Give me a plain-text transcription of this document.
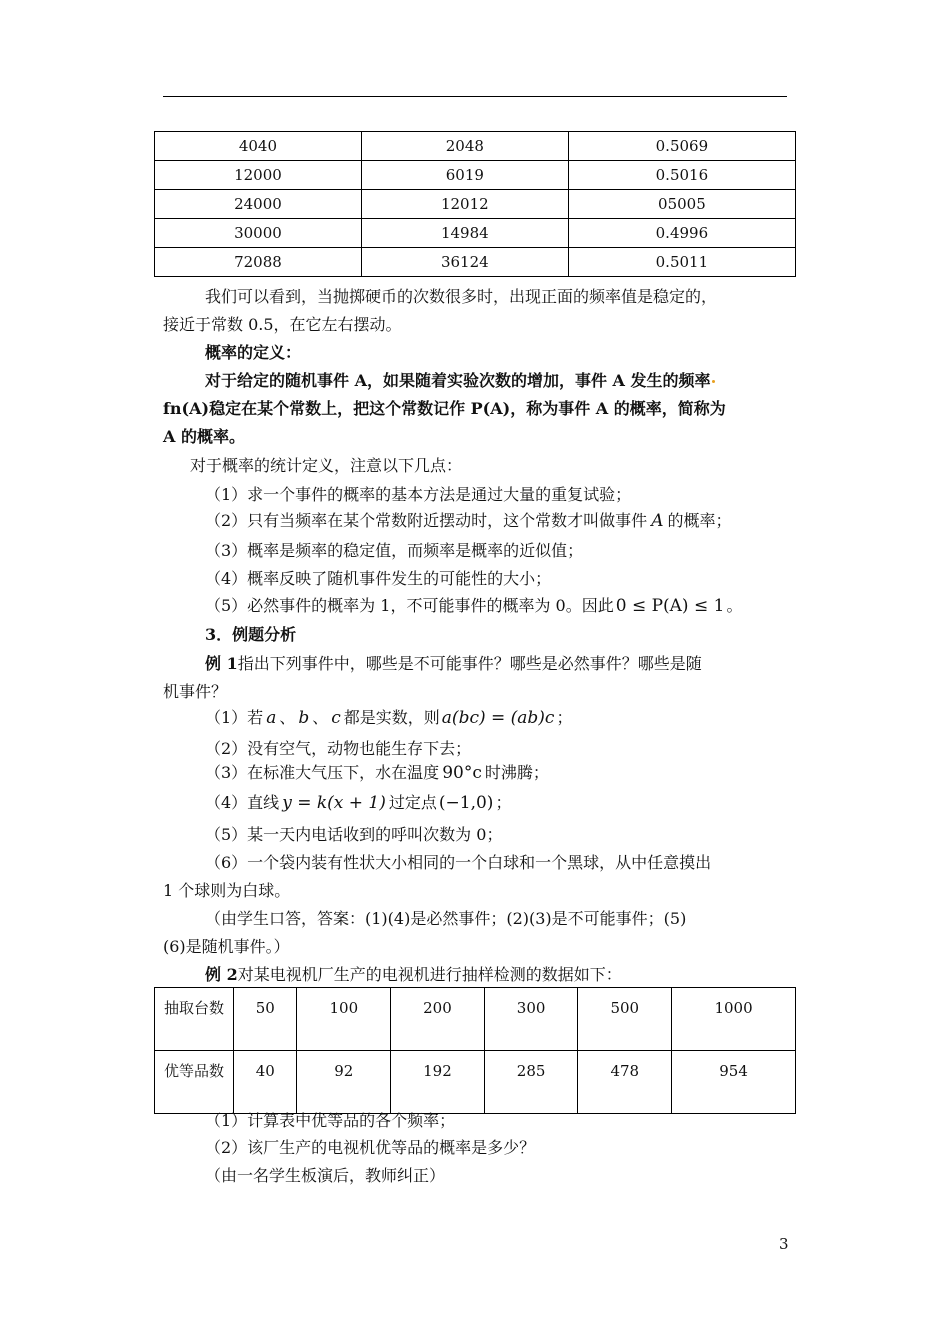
4040	2048	0.5069
12000	6019	0.5016
24000	12012	05005
30000	14984	0.4996
72088	36124	0.5011
我们可以看到，当抛掷硬币的次数很多时，出现正面的频率值是稳定的，
接近于常数 0.5，在它左右摆动。
概率的定义：
对于给定的随机事件 A，如果随着实验次数的增加，事件 A 发生的频率
fn(A)稳定在某个常数上，把这个常数记作 P(A)，称为事件 A 的概率，简称为
A 的概率。
对于概率的统计定义，注意以下几点：
（1）求一个事件的概率的基本方法是通过大量的重复试验；
（2）只有当频率在某个常数附近摆动时，这个常数才叫做事件 A 的概率；
（3）概率是频率的稳定值，而频率是概率的近似值；
（4）概率反映了随机事件发生的可能性的大小；
（5）必然事件的概率为 1，不可能事件的概率为 0。因此 0 ≤ P(A) ≤ 1 。
3．例题分析
例 1指出下列事件中，哪些是不可能事件？哪些是必然事件？哪些是随
机事件？
（1）若 a 、 b 、 c 都是实数，则 a(bc) = (ab)c ；
（2）没有空气，动物也能生存下去；
（3）在标准大气压下，水在温度 90°c 时沸腾；
（4）直线 y = k(x + 1) 过定点 (−1,0) ；
（5）某一天内电话收到的呼叫次数为 0；
（6）一个袋内装有性状大小相同的一个白球和一个黑球，从中任意摸出
1 个球则为白球。
（由学生口答，答案：(1)(4)是必然事件；(2)(3)是不可能事件；(5)
(6)是随机事件。）
例 2对某电视机厂生产的电视机进行抽样检测的数据如下：
抽取台数	50	100	200	300	500	1000
优等品数	40	92	192	285	478	954
（1）计算表中优等品的各个频率；
（2）该厂生产的电视机优等品的概率是多少？
（由一名学生板演后，教师纠正）
3
